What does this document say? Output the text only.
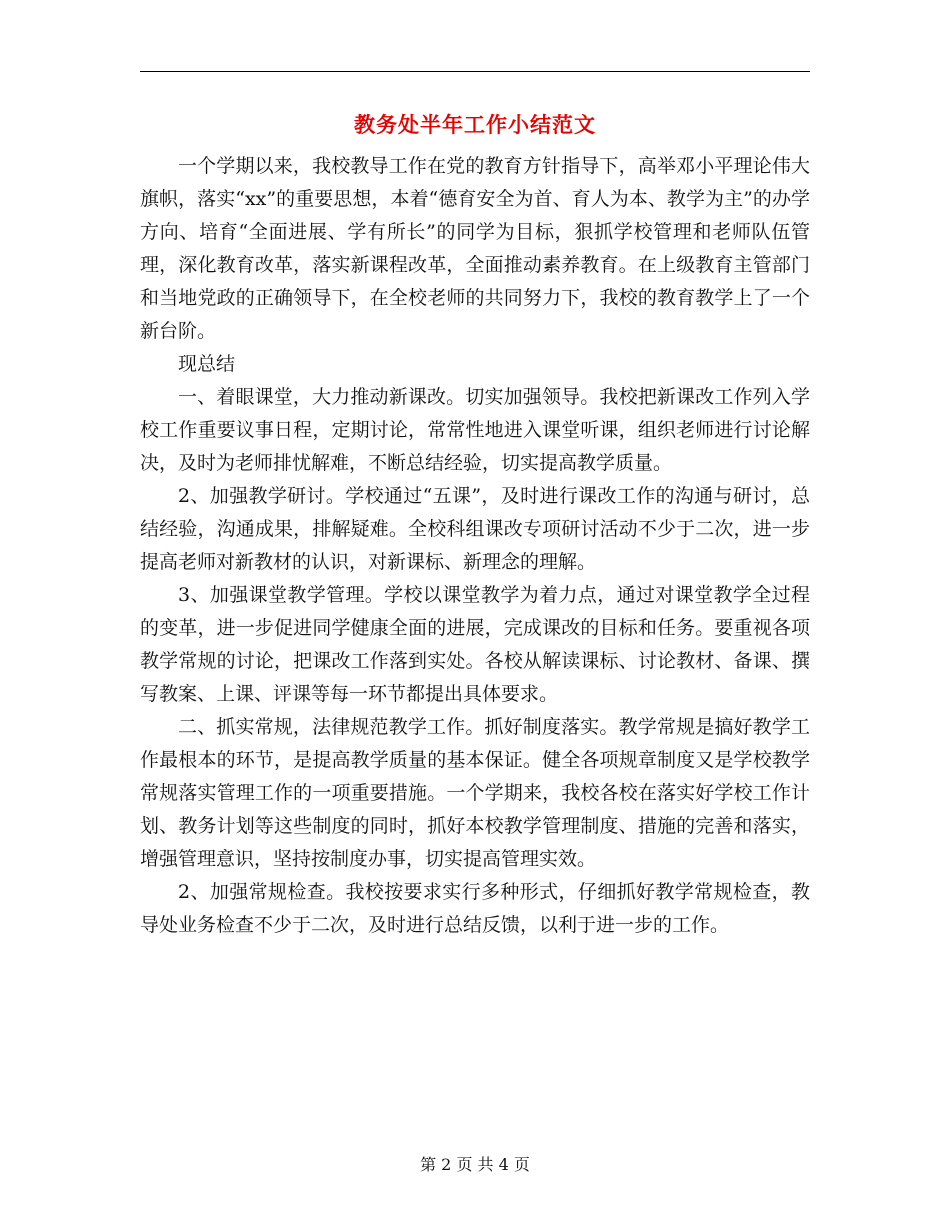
教务处半年工作小结范文

一个学期以来，我校教导工作在党的教育方针指导下，高举邓小平理论伟大旗帜，落实“xx”的重要思想，本着“德育安全为首、育人为本、教学为主”的办学方向、培育“全面进展、学有所长”的同学为目标，狠抓学校管理和老师队伍管理，深化教育改革，落实新课程改革，全面推动素养教育。在上级教育主管部门和当地党政的正确领导下，在全校老师的共同努力下，我校的教育教学上了一个新台阶。

现总结

一、着眼课堂，大力推动新课改。切实加强领导。我校把新课改工作列入学校工作重要议事日程，定期讨论，常常性地进入课堂听课，组织老师进行讨论解决，及时为老师排忧解难，不断总结经验，切实提高教学质量。

2、加强教学研讨。学校通过“五课”，及时进行课改工作的沟通与研讨，总结经验，沟通成果，排解疑难。全校科组课改专项研讨活动不少于二次，进一步提高老师对新教材的认识，对新课标、新理念的理解。

3、加强课堂教学管理。学校以课堂教学为着力点，通过对课堂教学全过程的变革，进一步促进同学健康全面的进展，完成课改的目标和任务。要重视各项教学常规的讨论，把课改工作落到实处。各校从解读课标、讨论教材、备课、撰写教案、上课、评课等每一环节都提出具体要求。

二、抓实常规，法律规范教学工作。抓好制度落实。教学常规是搞好教学工作最根本的环节，是提高教学质量的基本保证。健全各项规章制度又是学校教学常规落实管理工作的一项重要措施。一个学期来，我校各校在落实好学校工作计划、教务计划等这些制度的同时，抓好本校教学管理制度、措施的完善和落实，增强管理意识，坚持按制度办事，切实提高管理实效。

2、加强常规检查。我校按要求实行多种形式，仔细抓好教学常规检查，教导处业务检查不少于二次，及时进行总结反馈，以利于进一步的工作。

第 2 页 共 4 页
